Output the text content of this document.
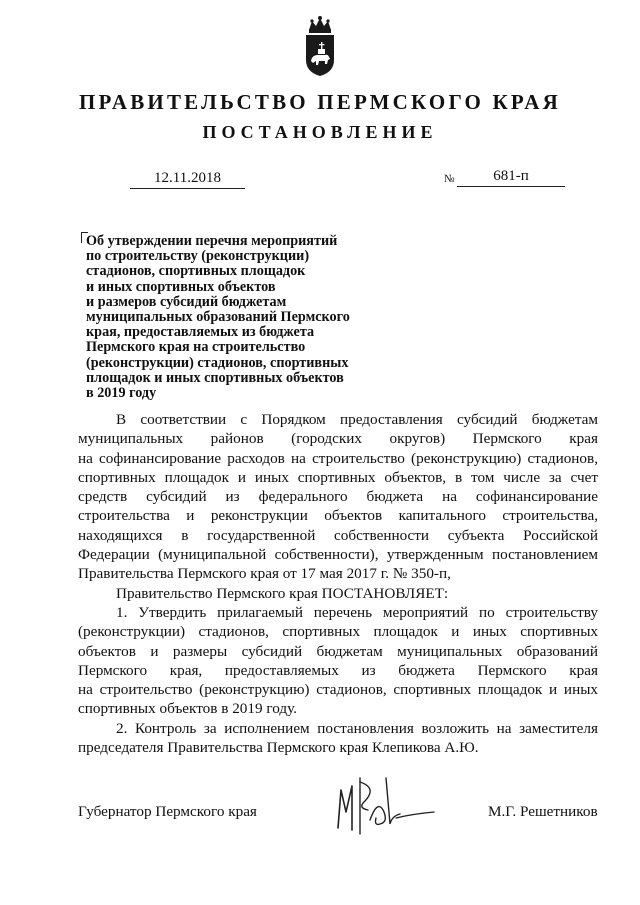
ПРАВИТЕЛЬСТВО ПЕРМСКОГО КРАЯ
ПОСТАНОВЛЕНИЕ
12.11.2018	№	681-п
Об утверждении перечня мероприятий
по строительству (реконструкции)
стадионов, спортивных площадок
и иных спортивных объектов
и размеров субсидий бюджетам
муниципальных образований Пермского
края, предоставляемых из бюджета
Пермского края на строительство
(реконструкции) стадионов, спортивных
площадок и иных спортивных объектов
в 2019 году

В соответствии с Порядком предоставления субсидий бюджетам
муниципальных районов (городских округов) Пермского края
на софинансирование расходов на строительство (реконструкцию) стадионов,
спортивных площадок и иных спортивных объектов, в том числе за счет
средств субсидий из федерального бюджета на софинансирование
строительства и реконструкции объектов капитального строительства,
находящихся в государственной собственности субъекта Российской
Федерации (муниципальной собственности), утвержденным постановлением
Правительства Пермского края от 17 мая 2017 г. № 350-п,

Правительство Пермского края ПОСТАНОВЛЯЕТ:

1. Утвердить прилагаемый перечень мероприятий по строительству
(реконструкции) стадионов, спортивных площадок и иных спортивных
объектов и размеры субсидий бюджетам муниципальных образований
Пермского края, предоставляемых из бюджета Пермского края
на строительство (реконструкцию) стадионов, спортивных площадок и иных
спортивных объектов в 2019 году.

2. Контроль за исполнением постановления возложить на заместителя
председателя Правительства Пермского края Клепикова А.Ю.

Губернатор Пермского края	М.Г. Решетников
